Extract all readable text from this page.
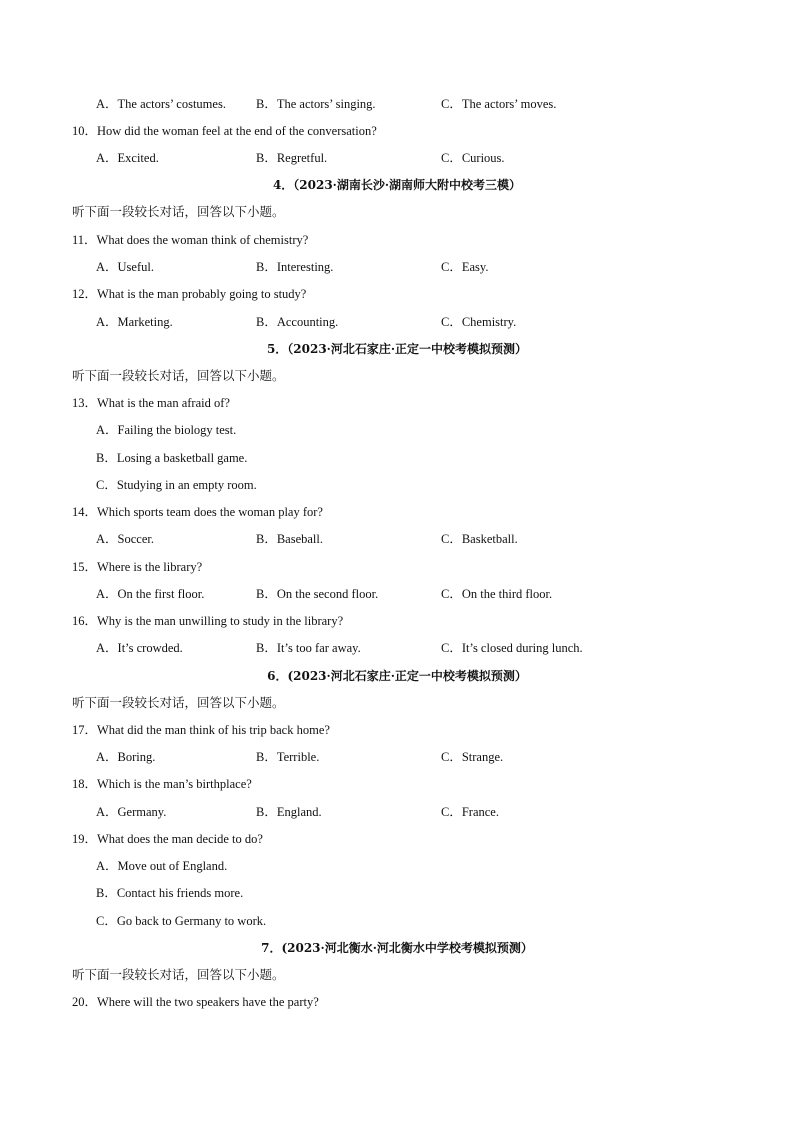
A．The actors’ costumes. B．The actors’ singing.	C．The actors’ moves.
10．How did the woman feel at the end of the conversation?
A．Excited.	B．Regretful.	C．Curious.
4．（2023·湖南长沙·湖南师大附中校考三模）
听下面一段较长对话，回答以下小题。
11．What does the woman think of chemistry?
A．Useful.	B．Interesting.	C．Easy.
12．What is the man probably going to study?
A．Marketing.	B．Accounting.	C．Chemistry.
5．（2023·河北石家庄·正定一中校考模拟预测）
听下面一段较长对话，回答以下小题。
13．What is the man afraid of?
A．Failing the biology test.
B．Losing a basketball game.
C．Studying in an empty room.
14．Which sports team does the woman play for?
A．Soccer.	B．Baseball.	C．Basketball.
15．Where is the library?
A．On the first floor.	B．On the second floor.	C．On the third floor.
16．Why is the man unwilling to study in the library?
A．It’s crowded.	B．It’s too far away.	C．It’s closed during lunch.
6．(2023·河北石家庄·正定一中校考模拟预测）
听下面一段较长对话，回答以下小题。
17．What did the man think of his trip back home?
A．Boring.	B．Terrible.	C．Strange.
18．Which is the man’s birthplace?
A．Germany.	B．England.	C．France.
19．What does the man decide to do?
A．Move out of England.
B．Contact his friends more.
C．Go back to Germany to work.
7．(2023·河北衡水·河北衡水中学校考模拟预测）
听下面一段较长对话，回答以下小题。
20．Where will the two speakers have the party?
